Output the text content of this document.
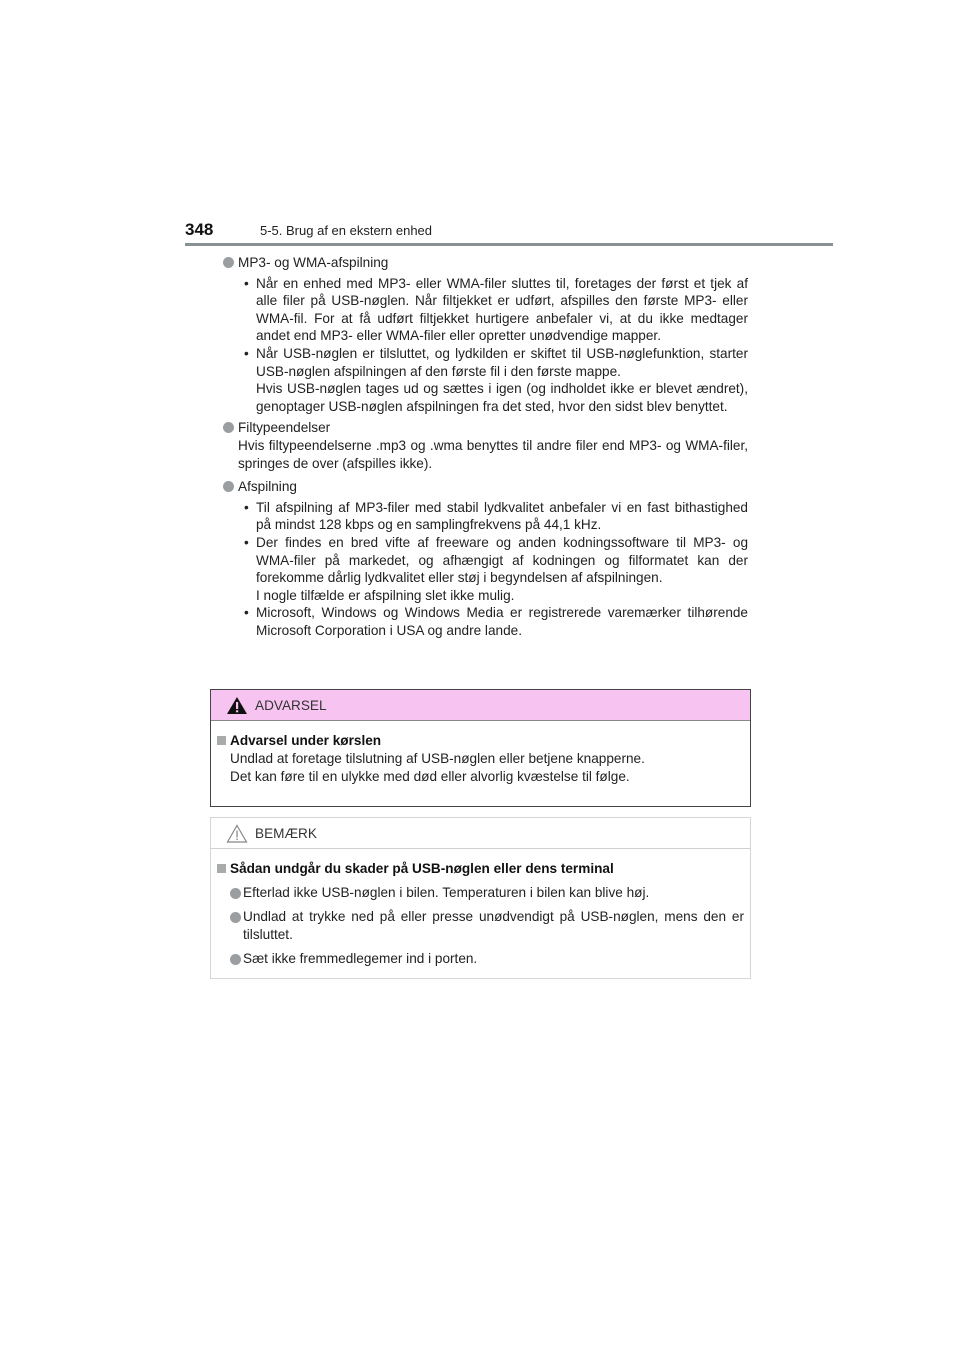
348	5-5. Brug af en ekstern enhed
MP3- og WMA-afspilning
• Når en enhed med MP3- eller WMA-filer sluttes til, foretages der først et tjek af alle filer på USB-nøglen. Når filtjekket er udført, afspilles den første MP3- eller WMA-fil. For at få udført filtjekket hurtigere anbefaler vi, at du ikke medtager andet end MP3- eller WMA-filer eller opretter unødvendige mapper.
• Når USB-nøglen er tilsluttet, og lydkilden er skiftet til USB-nøglefunktion, starter USB-nøglen afspilningen af den første fil i den første mappe.
Hvis USB-nøglen tages ud og sættes i igen (og indholdet ikke er blevet ændret), genoptager USB-nøglen afspilningen fra det sted, hvor den sidst blev benyttet.
Filtypeendelser
Hvis filtypeendelserne .mp3 og .wma benyttes til andre filer end MP3- og WMA-filer, springes de over (afspilles ikke).
Afspilning
• Til afspilning af MP3-filer med stabil lydkvalitet anbefaler vi en fast bithastighed på mindst 128 kbps og en samplingfrekvens på 44,1 kHz.
• Der findes en bred vifte af freeware og anden kodningssoftware til MP3- og WMA-filer på markedet, og afhængigt af kodningen og filformatet kan der forekomme dårlig lydkvalitet eller støj i begyndelsen af afspilningen.
I nogle tilfælde er afspilning slet ikke mulig.
• Microsoft, Windows og Windows Media er registrerede varemærker tilhørende Microsoft Corporation i USA og andre lande.
ADVARSEL
Advarsel under kørslen
Undlad at foretage tilslutning af USB-nøglen eller betjene knapperne.
Det kan føre til en ulykke med død eller alvorlig kvæstelse til følge.
BEMÆRK
Sådan undgår du skader på USB-nøglen eller dens terminal
Efterlad ikke USB-nøglen i bilen. Temperaturen i bilen kan blive høj.
Undlad at trykke ned på eller presse unødvendigt på USB-nøglen, mens den er tilsluttet.
Sæt ikke fremmedlegemer ind i porten.
